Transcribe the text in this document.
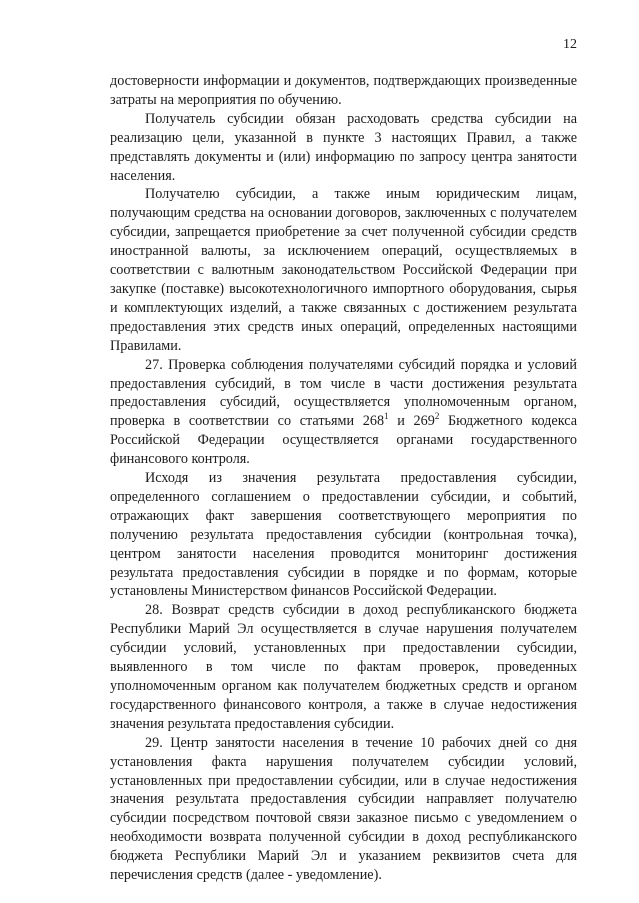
12

достоверности информации и документов, подтверждающих произведенные затраты на мероприятия по обучению.

Получатель субсидии обязан расходовать средства субсидии на реализацию цели, указанной в пункте 3 настоящих Правил, а также представлять документы и (или) информацию по запросу центра занятости населения.

Получателю субсидии, а также иным юридическим лицам, получающим средства на основании договоров, заключенных с получателем субсидии, запрещается приобретение за счет полученной субсидии средств иностранной валюты, за исключением операций, осуществляемых в соответствии с валютным законодательством Российской Федерации при закупке (поставке) высокотехнологичного импортного оборудования, сырья и комплектующих изделий, а также связанных с достижением результата предоставления этих средств иных операций, определенных настоящими Правилами.

27. Проверка соблюдения получателями субсидий порядка и условий предоставления субсидий, в том числе в части достижения результата предоставления субсидий, осуществляется уполномоченным органом, проверка в соответствии со статьями $268^1$ и $269^2$ Бюджетного кодекса Российской Федерации осуществляется органами государственного финансового контроля.

Исходя из значения результата предоставления субсидии, определенного соглашением о предоставлении субсидии, и событий, отражающих факт завершения соответствующего мероприятия по получению результата предоставления субсидии (контрольная точка), центром занятости населения проводится мониторинг достижения результата предоставления субсидии в порядке и по формам, которые установлены Министерством финансов Российской Федерации.

28. Возврат средств субсидии в доход республиканского бюджета Республики Марий Эл осуществляется в случае нарушения получателем субсидии условий, установленных при предоставлении субсидии, выявленного в том числе по фактам проверок, проведенных уполномоченным органом как получателем бюджетных средств и органом государственного финансового контроля, а также в случае недостижения значения результата предоставления субсидии.

29. Центр занятости населения в течение 10 рабочих дней со дня установления факта нарушения получателем субсидии условий, установленных при предоставлении субсидии, или в случае недостижения значения результата предоставления субсидии направляет получателю субсидии посредством почтовой связи заказное письмо с уведомлением о необходимости возврата полученной субсидии в доход республиканского бюджета Республики Марий Эл и указанием реквизитов счета для перечисления средств (далее - уведомление).
